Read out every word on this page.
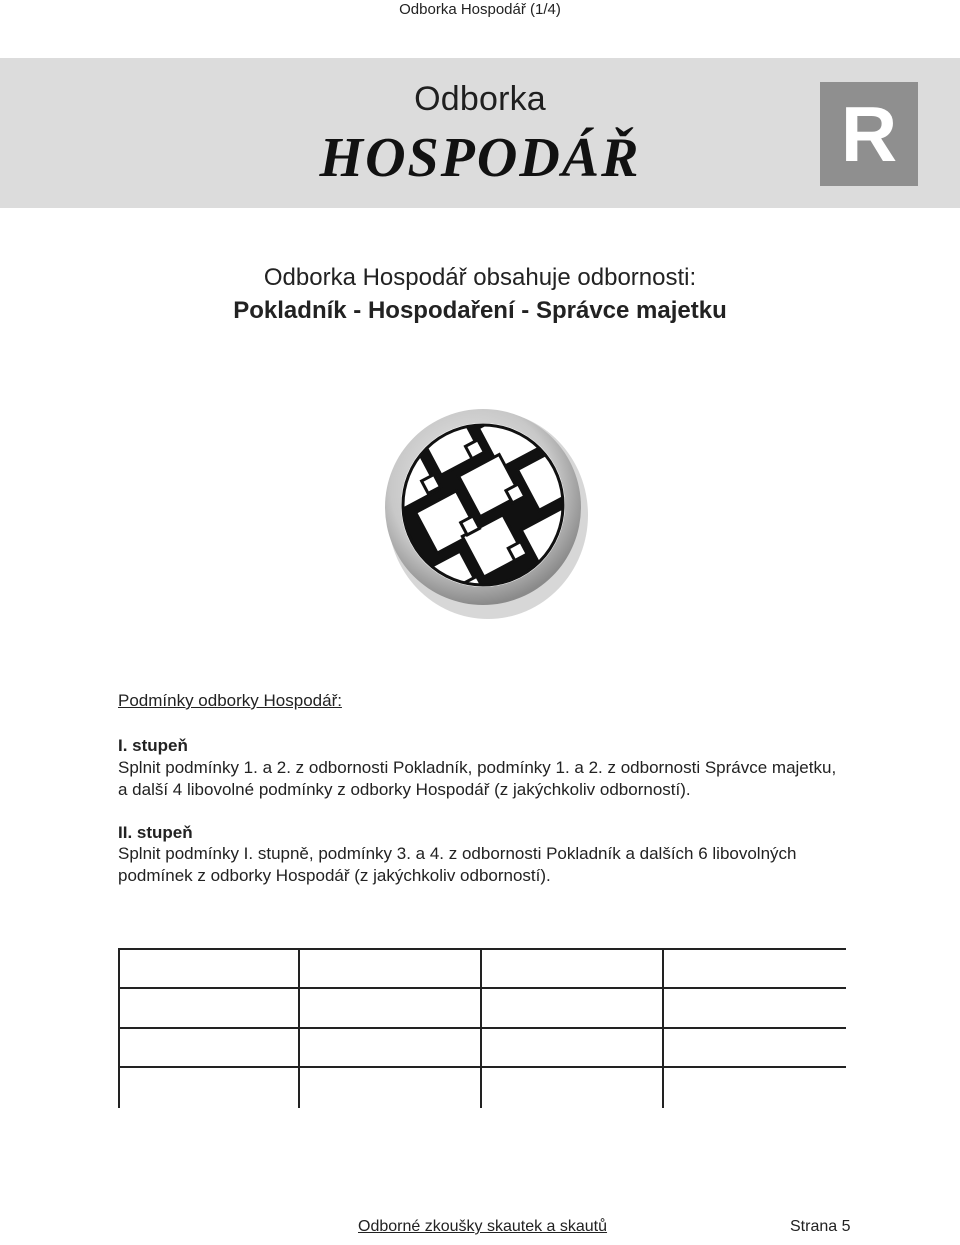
Odborka Hospodář (1/4)
Odborka
HOSPODÁŘ	R
Odborka Hospodář obsahuje odbornosti:
Pokladník - Hospodaření - Správce majetku
Podmínky odborky Hospodář:
I. stupeň
Splnit podmínky 1. a 2. z odbornosti Pokladník, podmínky 1. a 2. z odbornosti Správce majetku, a další 4 libovolné podmínky z odborky Hospodář (z jakýchkoliv odborností).
II. stupeň
Splnit podmínky I. stupně, podmínky 3. a 4. z odbornosti Pokladník a dalších 6 libovolných podmínek z odborky Hospodář (z jakýchkoliv odborností).
Odborné zkoušky skautek a skautů	Strana 5
